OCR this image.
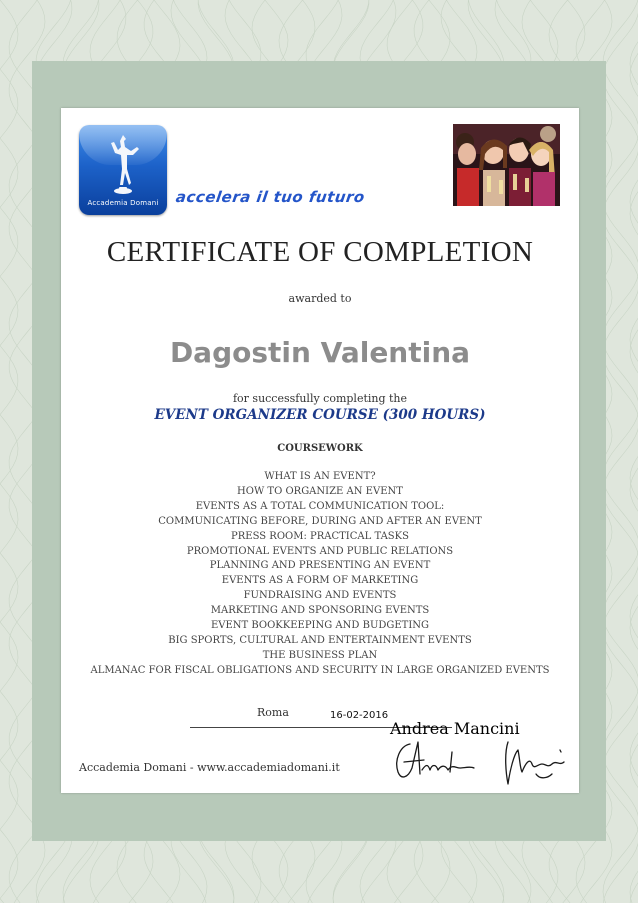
Accademia Domani	accelera il tuo futuro
CERTIFICATE OF COMPLETION
awarded to
Dagostin Valentina
for successfully completing the
EVENT ORGANIZER COURSE (300 HOURS)
COURSEWORK
WHAT IS AN EVENT?
HOW TO ORGANIZE AN EVENT
EVENTS AS A TOTAL COMMUNICATION TOOL:
COMMUNICATING BEFORE, DURING AND AFTER AN EVENT
PRESS ROOM: PRACTICAL TASKS
PROMOTIONAL EVENTS AND PUBLIC RELATIONS
PLANNING AND PRESENTING AN EVENT
EVENTS AS A FORM OF MARKETING
FUNDRAISING AND EVENTS
MARKETING AND SPONSORING EVENTS
EVENT BOOKKEEPING AND BUDGETING
BIG SPORTS, CULTURAL AND ENTERTAINMENT EVENTS
THE BUSINESS PLAN
ALMANAC FOR FISCAL OBLIGATIONS AND SECURITY IN LARGE ORGANIZED EVENTS
Roma	16-02-2016
Accademia Domani - www.accademiadomani.it
Andrea Mancini
